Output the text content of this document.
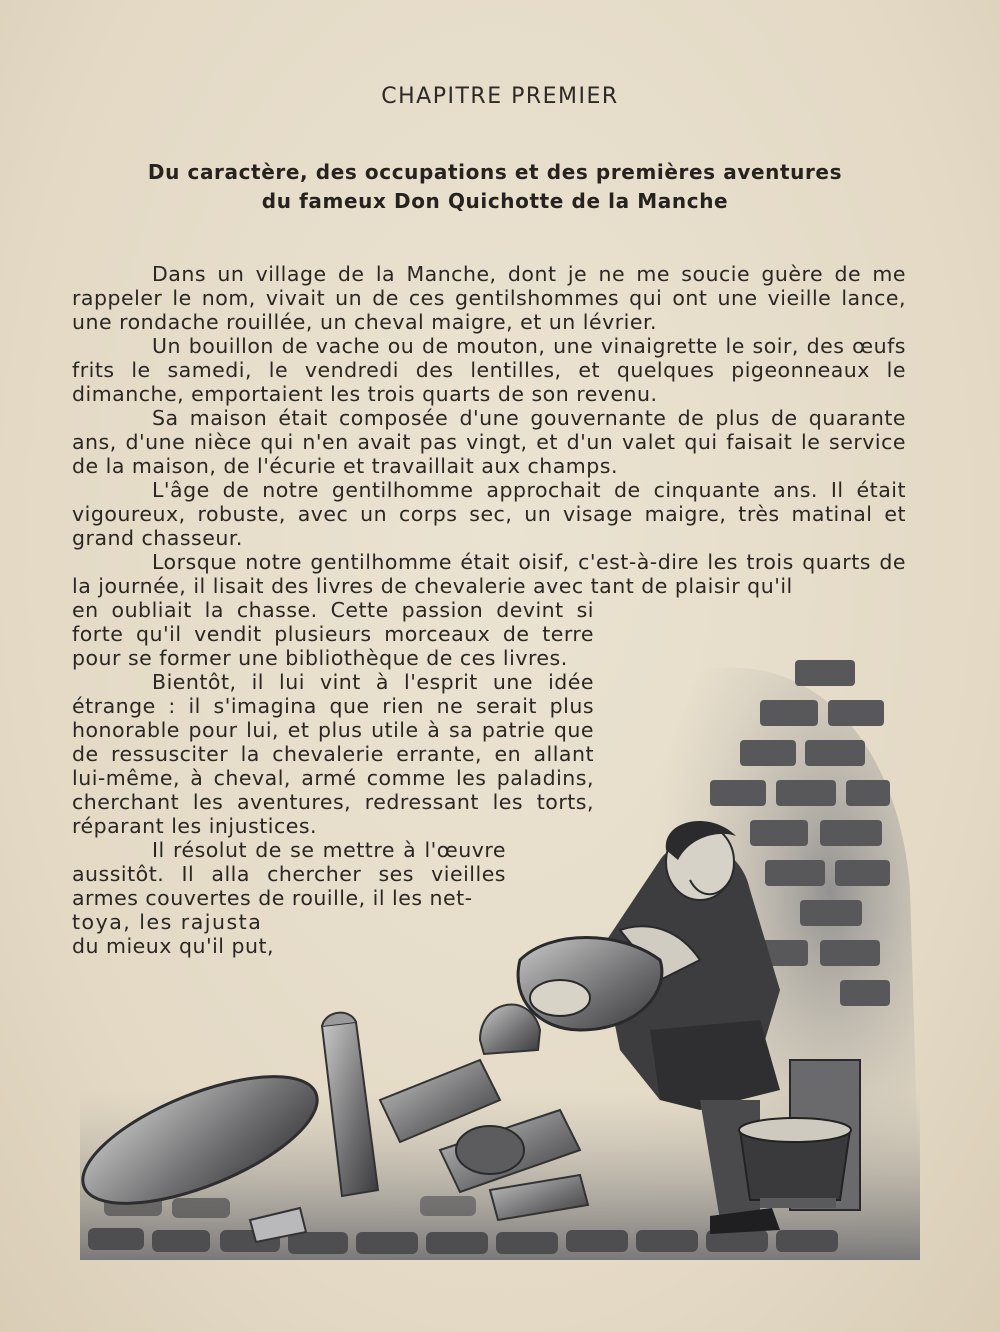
CHAPITRE PREMIER
Du caractère, des occupations et des premières aventures
du fameux Don Quichotte de la Manche

Dans un village de la Manche, dont je ne me soucie guère de me rappeler le nom, vivait un de ces gentilshommes qui ont une vieille lance, une rondache rouillée, un cheval maigre, et un lévrier.

Un bouillon de vache ou de mouton, une vinaigrette le soir, des œufs frits le samedi, le vendredi des lentilles, et quelques pigeonneaux le dimanche, emportaient les trois quarts de son revenu.

Sa maison était composée d'une gouvernante de plus de quarante ans, d'une nièce qui n'en avait pas vingt, et d'un valet qui faisait le service de la maison, de l'écurie et travaillait aux champs.

L'âge de notre gentilhomme approchait de cinquante ans. Il était vigoureux, robuste, avec un corps sec, un visage maigre, très matinal et grand chasseur.

Lorsque notre gentilhomme était oisif, c'est-à-dire les trois quarts de la journée, il lisait des livres de chevalerie avec tant de plaisir qu'il

en oubliait la chasse. Cette passion devint si forte qu'il vendit plusieurs morceaux de terre pour se former une bibliothèque de ces livres.

Bientôt, il lui vint à l'esprit une idée étrange : il s'imagina que rien ne serait plus honorable pour lui, et plus utile à sa patrie que de ressusciter la chevalerie errante, en allant lui-même, à cheval, armé comme les paladins, cherchant les aventures, redressant les torts, réparant les injustices.

Il résolut de se mettre à l'œuvre aussitôt. Il alla chercher ses vieilles armes couvertes de rouille, il les net-

toya, les rajusta

du mieux qu'il put,
